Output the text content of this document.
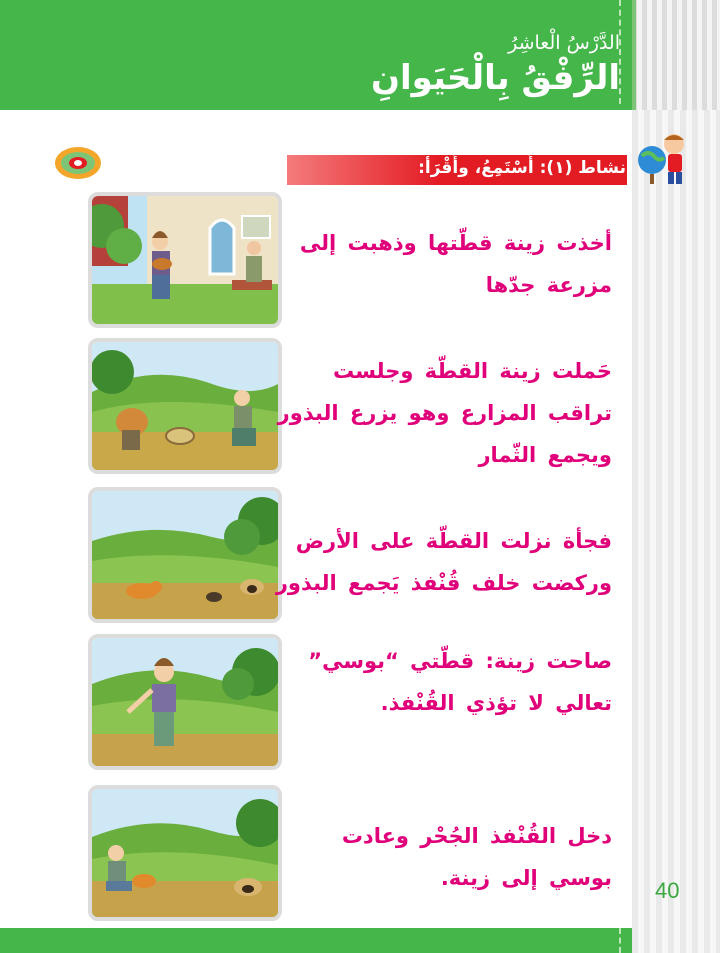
الدَّرْسُ الْعاشِرُ
الرِّفْقُ بِالْحَيَوانِ
نشاط (١): أَسْتَمِعُ، وأَقْرَأ:
أخذت زينة قطّتها وذهبت إلى مزرعة جدّها
حَملت زينة القطّة وجلست تراقب المزارع وهو يزرع البذور ويجمع الثّمار
فجأة نزلت القطّة على الأرض وركضت خلف قُنْفذ يَجمع البذور
صاحت زينة: قطّتي “بوسي” تعالي لا تؤذي القُنْفذ.
دخل القُنْفذ الجُحْر وعادت بوسي إلى زينة. 40
